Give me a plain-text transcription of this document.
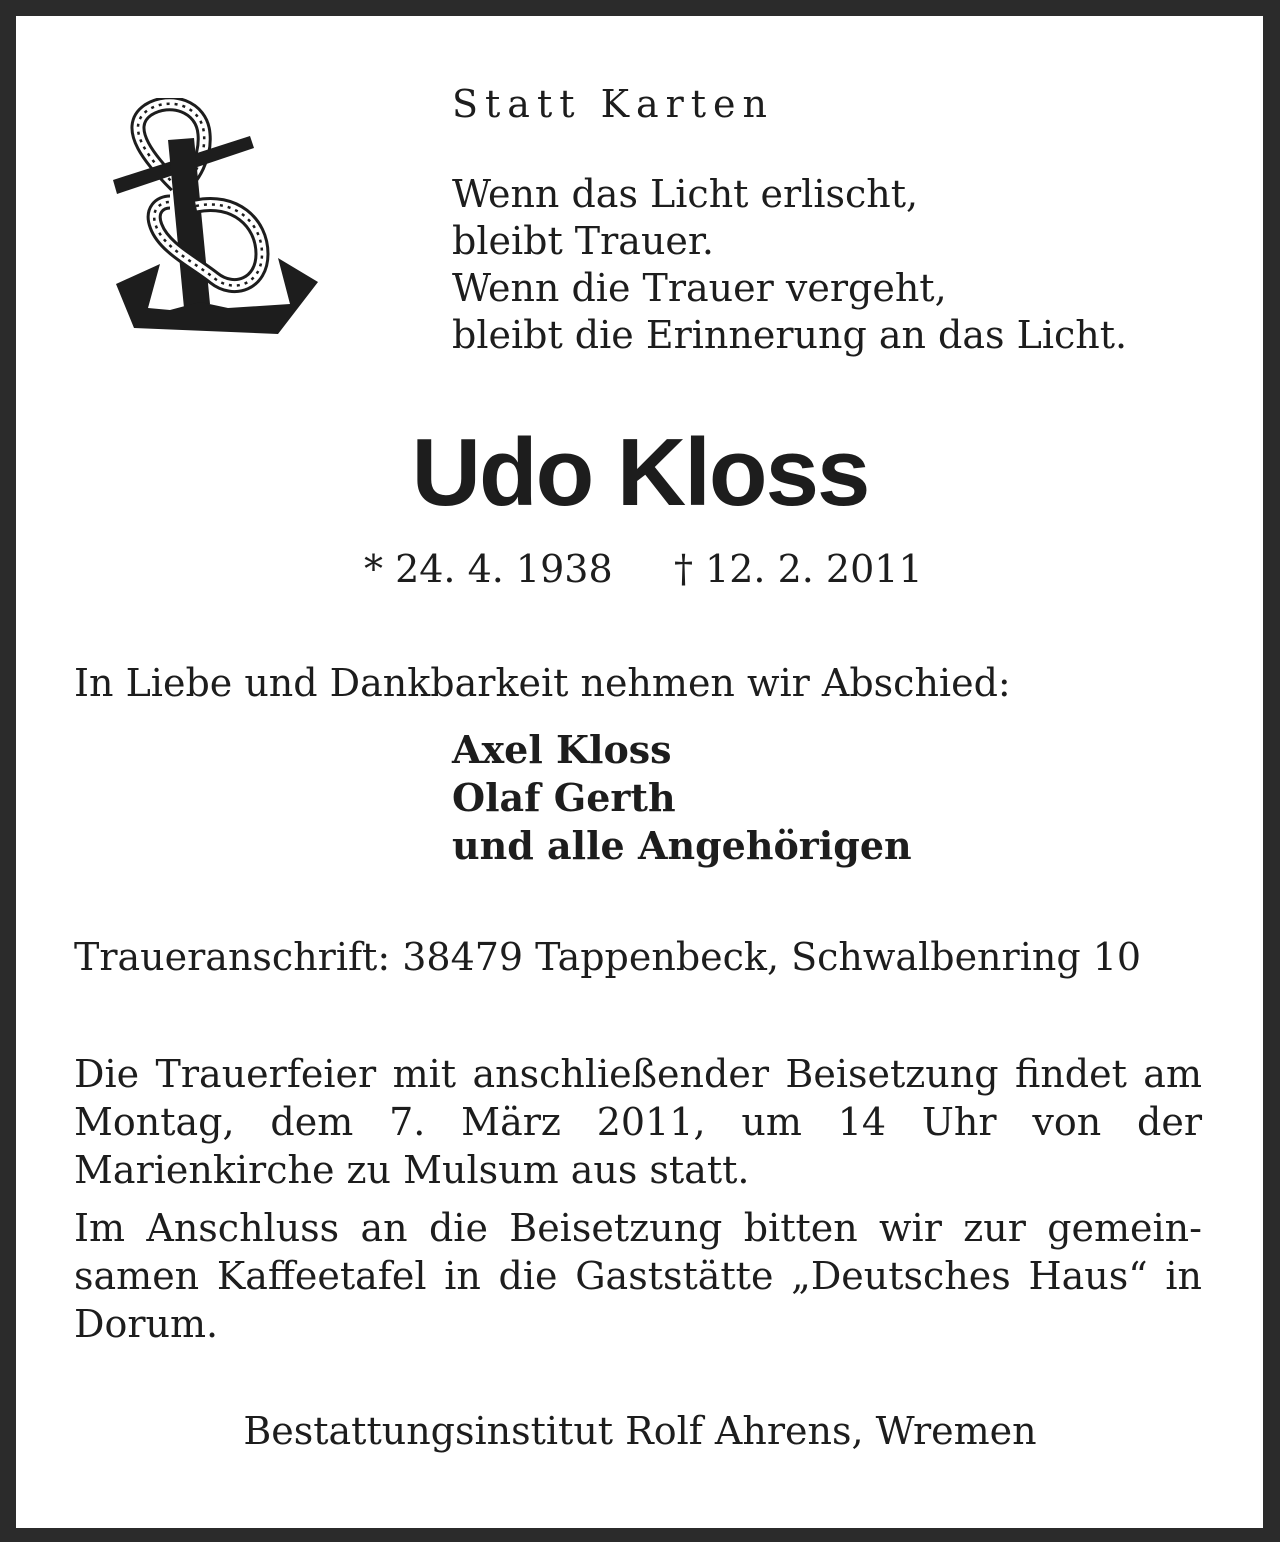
Statt Karten
Wenn das Licht erlischt,
bleibt Trauer.
Wenn die Trauer vergeht,
bleibt die Erinnerung an das Licht.
Udo Kloss
* 24. 4. 1938 † 12. 2. 2011
In Liebe und Dankbarkeit nehmen wir Abschied:
Axel Kloss
Olaf Gerth
und alle Angehörigen
Traueranschrift: 38479 Tappenbeck, Schwalbenring 10
Die Trauerfeier mit anschließender Beisetzung findet am Montag, dem 7. März 2011, um 14 Uhr von der Marienkirche zu Mulsum aus statt.
Im Anschluss an die Beisetzung bitten wir zur gemeinsamen Kaffeetafel in die Gaststätte „Deutsches Haus“ in Dorum.
Bestattungsinstitut Rolf Ahrens, Wremen
